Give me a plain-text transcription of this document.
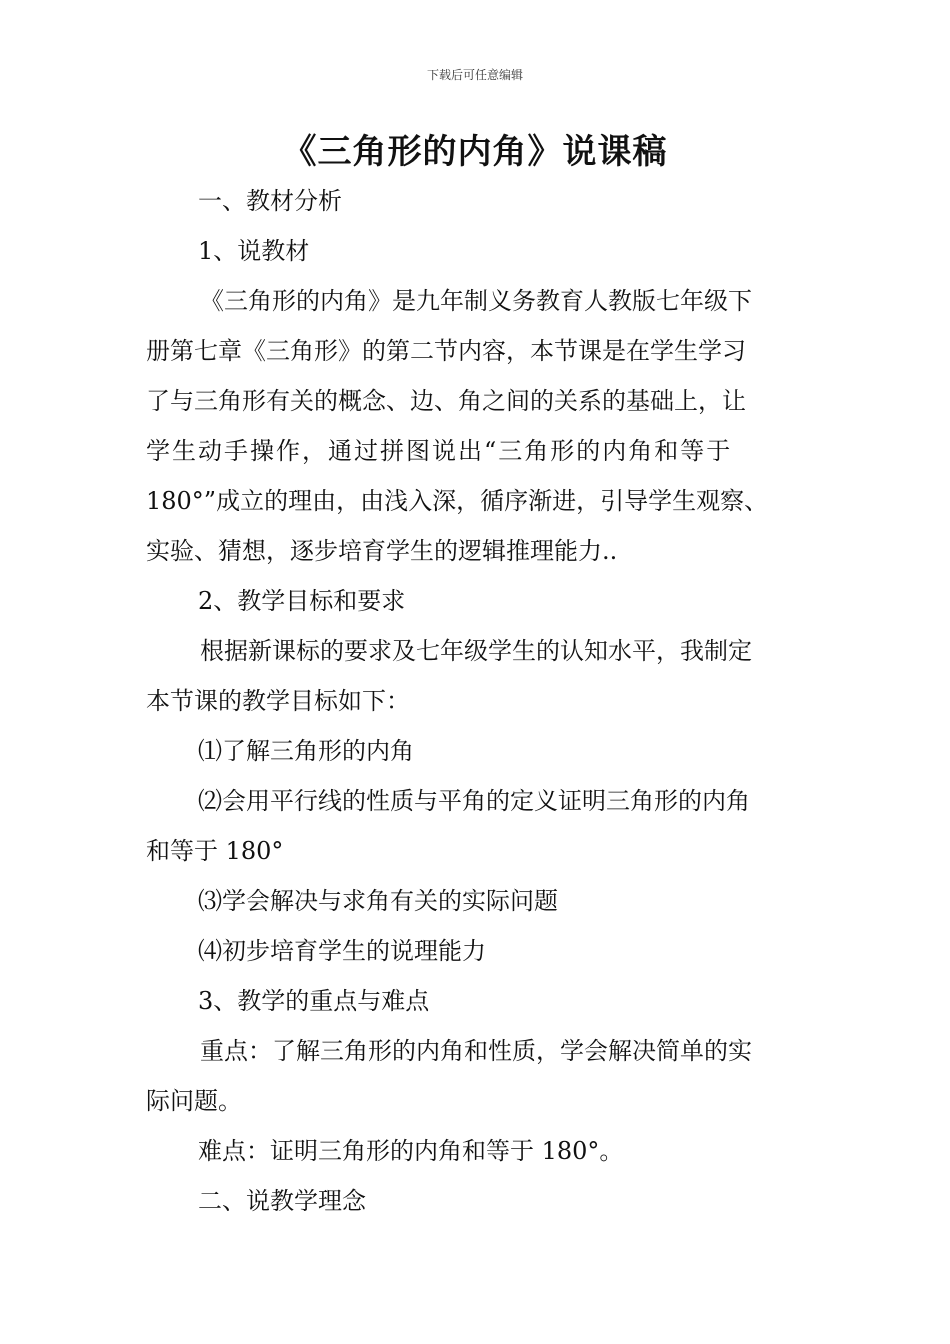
下载后可任意编辑
《三角形的内角》说课稿
一、教材分析
1、说教材
《三角形的内角》是九年制义务教育人教版七年级下
册第七章《三角形》的第二节内容，本节课是在学生学习
了与三角形有关的概念、边、角之间的关系的基础上，让
学生动手操作，通过拼图说出“三角形的内角和等于
180°”成立的理由，由浅入深，循序渐进，引导学生观察、
实验、猜想，逐步培育学生的逻辑推理能力..
2、教学目标和要求
根据新课标的要求及七年级学生的认知水平，我制定
本节课的教学目标如下：
⑴了解三角形的内角
⑵会用平行线的性质与平角的定义证明三角形的内角
和等于 180°
⑶学会解决与求角有关的实际问题
⑷初步培育学生的说理能力
3、教学的重点与难点
重点：了解三角形的内角和性质，学会解决简单的实
际问题。
难点：证明三角形的内角和等于 180°。
二、说教学理念
